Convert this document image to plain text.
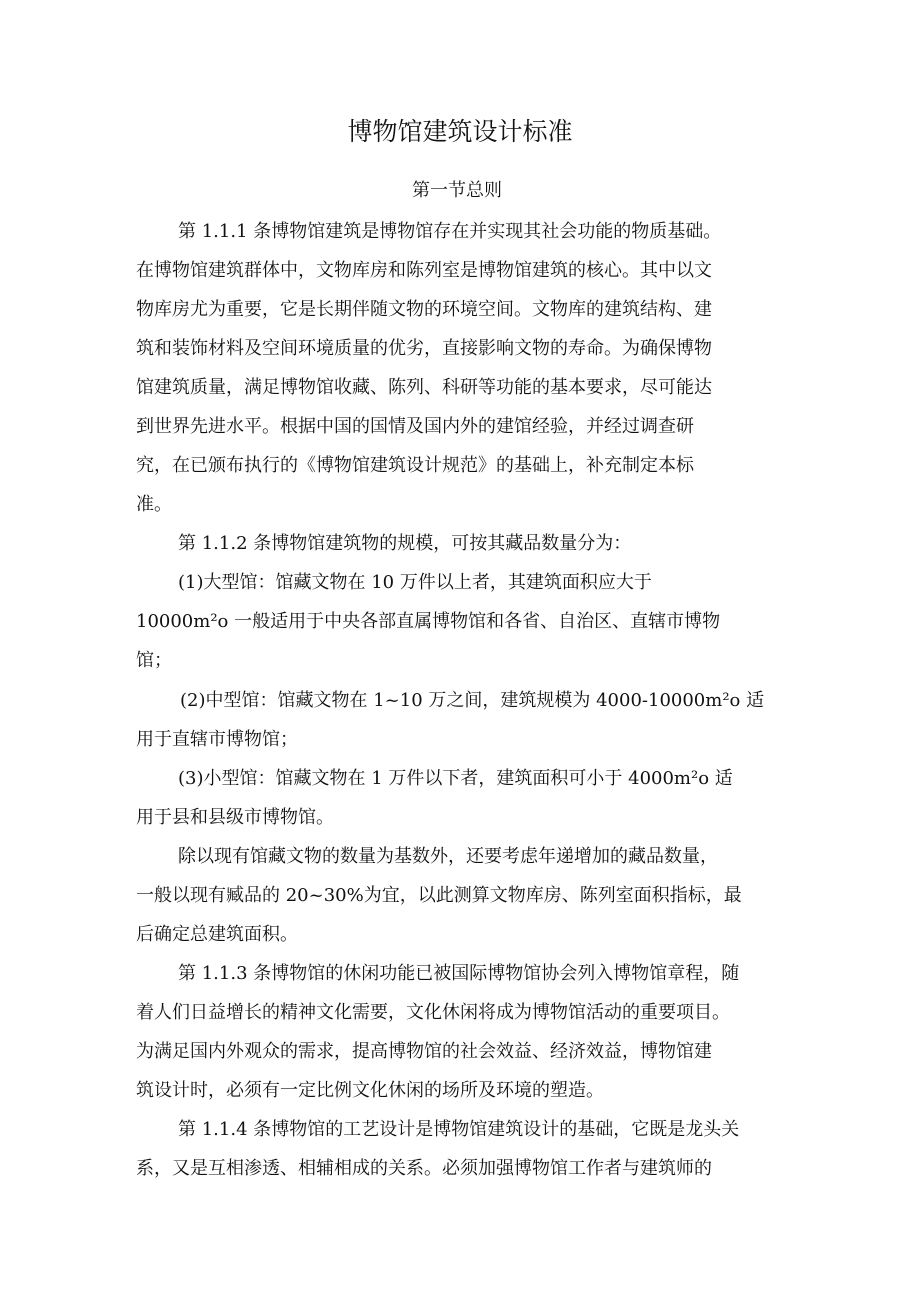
博物馆建筑设计标准
第一节总则
第 1.1.1 条博物馆建筑是博物馆存在并实现其社会功能的物质基础。
在博物馆建筑群体中，文物库房和陈列室是博物馆建筑的核心。其中以文
物库房尤为重要，它是长期伴随文物的环境空间。文物库的建筑结构、建
筑和装饰材料及空间环境质量的优劣，直接影响文物的寿命。为确保博物
馆建筑质量，满足博物馆收藏、陈列、科研等功能的基本要求，尽可能达
到世界先进水平。根据中国的国情及国内外的建馆经验，并经过调查研
究，在已颁布执行的《博物馆建筑设计规范》的基础上，补充制定本标
准。
第 1.1.2 条博物馆建筑物的规模，可按其藏品数量分为：
(1)大型馆：馆藏文物在 10 万件以上者，其建筑面积应大于
10000m²o 一般适用于中央各部直属博物馆和各省、自治区、直辖市博物
馆；
(2)中型馆：馆藏文物在 1~10 万之间，建筑规模为 4000-10000m²o 适
用于直辖市博物馆；
(3)小型馆：馆藏文物在 1 万件以下者，建筑面积可小于 4000m²o 适
用于县和县级市博物馆。
除以现有馆藏文物的数量为基数外，还要考虑年递增加的藏品数量，
一般以现有臧品的 20~30%为宜，以此测算文物库房、陈列室面积指标，最
后确定总建筑面积。
第 1.1.3 条博物馆的休闲功能已被国际博物馆协会列入博物馆章程，随
着人们日益增长的精神文化需要，文化休闲将成为博物馆活动的重要项目。
为满足国内外观众的需求，提高博物馆的社会效益、经济效益，博物馆建
筑设计时，必须有一定比例文化休闲的场所及环境的塑造。
第 1.1.4 条博物馆的工艺设计是博物馆建筑设计的基础，它既是龙头关
系，又是互相渗透、相辅相成的关系。必须加强博物馆工作者与建筑师的
